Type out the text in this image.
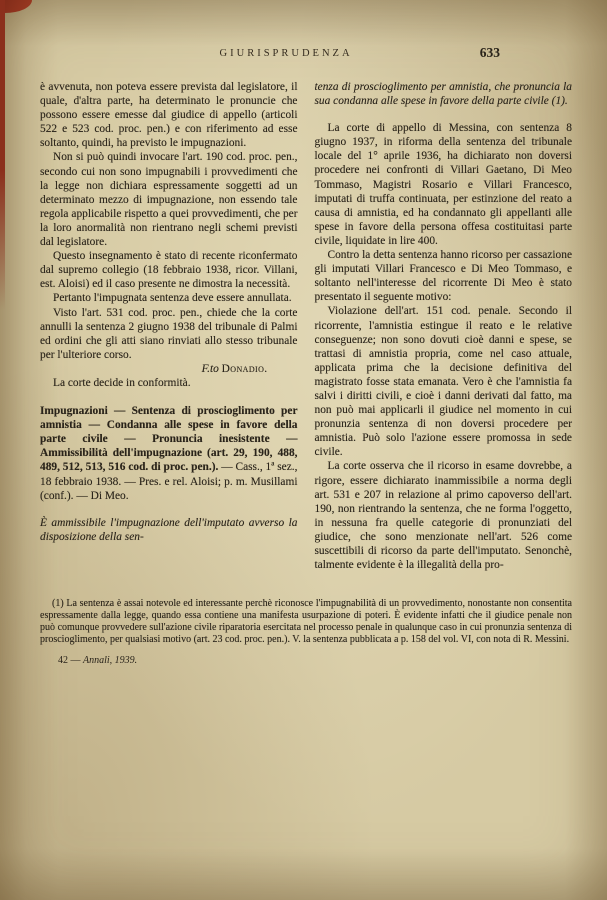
GIURISPRUDENZA	633

è avvenuta, non poteva essere prevista dal legislatore, il quale, d'altra parte, ha determinato le pronuncie che possono essere emesse dal giudice di appello (articoli 522 e 523 cod. proc. pen.) e con riferimento ad esse soltanto, quindi, ha previsto le impugnazioni.

Non si può quindi invocare l'art. 190 cod. proc. pen., secondo cui non sono impugnabili i provvedimenti che la legge non dichiara espressamente soggetti ad un determinato mezzo di impugnazione, non essendo tale regola applicabile rispetto a quei provvedimenti, che per la loro anormalità non rientrano negli schemi previsti dal legislatore.

Questo insegnamento è stato di recente riconfermato dal supremo collegio (18 febbraio 1938, ricor. Villani, est. Aloisi) ed il caso presente ne dimostra la necessità.

Pertanto l'impugnata sentenza deve essere annullata.

Visto l'art. 531 cod. proc. pen., chiede che la corte annulli la sentenza 2 giugno 1938 del tribunale di Palmi ed ordini che gli atti siano rinviati allo stesso tribunale per l'ulteriore corso.

F.to Donadio.

La corte decide in conformità.

Impugnazioni — Sentenza di proscioglimento per amnistia — Condanna alle spese in favore della parte civile — Pronuncia inesistente — Ammissibilità dell'impugnazione (art. 29, 190, 488, 489, 512, 513, 516 cod. di proc. pen.). — Cass., 1ª sez., 18 febbraio 1938. — Pres. e rel. Aloisi; p. m. Musillami (conf.). — Di Meo.

È ammissibile l'impugnazione dell'imputato avverso la disposizione della sen-

tenza di proscioglimento per amnistia, che pronuncia la sua condanna alle spese in favore della parte civile (1).

La corte di appello di Messina, con sentenza 8 giugno 1937, in riforma della sentenza del tribunale locale del 1° aprile 1936, ha dichiarato non doversi procedere nei confronti di Villari Gaetano, Di Meo Tommaso, Magistri Rosario e Villari Francesco, imputati di truffa continuata, per estinzione del reato a causa di amnistia, ed ha condannato gli appellanti alle spese in favore della persona offesa costituitasi parte civile, liquidate in lire 400.

Contro la detta sentenza hanno ricorso per cassazione gli imputati Villari Francesco e Di Meo Tommaso, e soltanto nell'interesse del ricorrente Di Meo è stato presentato il seguente motivo:

Violazione dell'art. 151 cod. penale. Secondo il ricorrente, l'amnistia estingue il reato e le relative conseguenze; non sono dovuti cioè danni e spese, se trattasi di amnistia propria, come nel caso attuale, applicata prima che la decisione definitiva del magistrato fosse stata emanata. Vero è che l'amnistia fa salvi i diritti civili, e cioè i danni derivati dal fatto, ma non può mai applicarli il giudice nel momento in cui pronunzia sentenza di non doversi procedere per amnistia. Può solo l'azione essere promossa in sede civile.

La corte osserva che il ricorso in esame dovrebbe, a rigore, essere dichiarato inammissibile a norma degli art. 531 e 207 in relazione al primo capoverso dell'art. 190, non rientrando la sentenza, che ne forma l'oggetto, in nessuna fra quelle categorie di pronunziati del giudice, che sono menzionate nell'art. 526 come suscettibili di ricorso da parte dell'imputato. Senonchè, talmente evidente è la illegalità della pro-

(1) La sentenza è assai notevole ed interessante perchè riconosce l'impugnabilità di un provvedimento, nonostante non consentita espressamente dalla legge, quando essa contiene una manifesta usurpazione di poteri. È evidente infatti che il giudice penale non può comunque provvedere sull'azione civile riparatoria esercitata nel processo penale in qualunque caso in cui pronunzia sentenza di proscioglimento, per qualsiasi motivo (art. 23 cod. proc. pen.). V. la sentenza pubblicata a p. 158 del vol. VI, con nota di R. Messini.
42 — Annali, 1939.
